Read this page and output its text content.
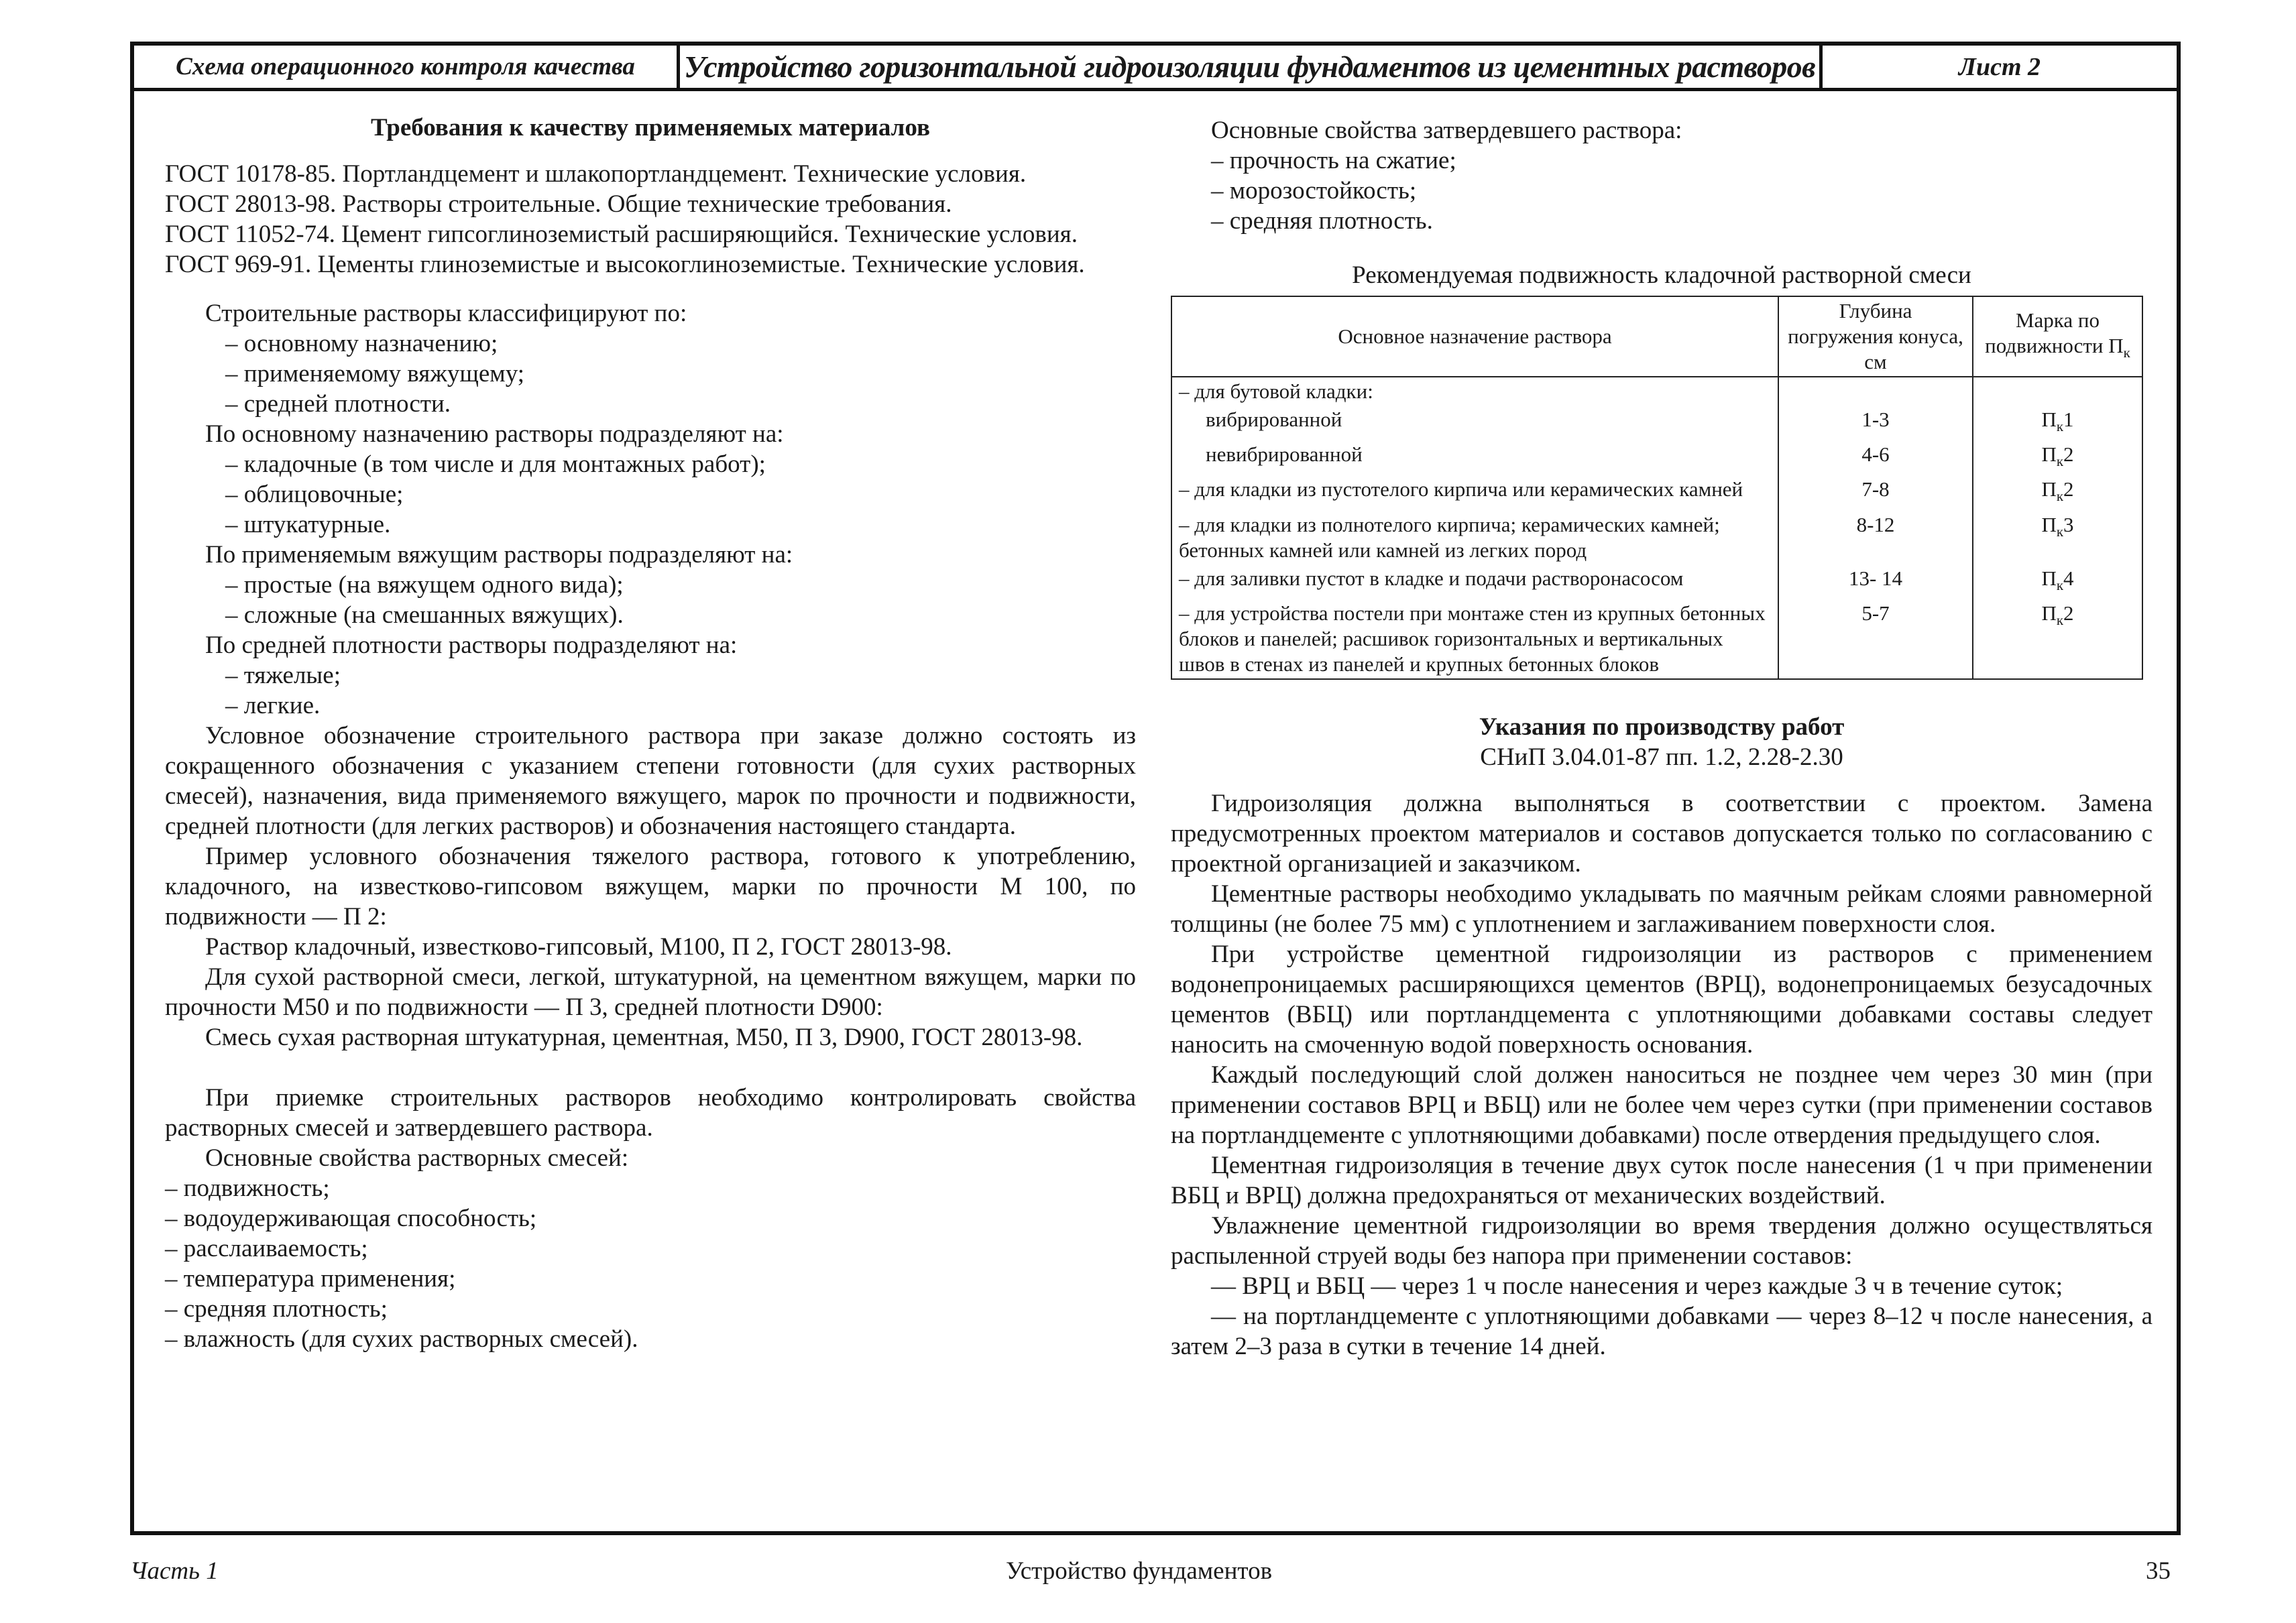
Схема операционного контроля качества	Устройство горизонтальной гидроизоляции фундаментов из цементных растворов	Лист 2

Требования к качеству применяемых материалов

ГОСТ 10178-85. Портландцемент и шлакопортландцемент. Технические условия.

ГОСТ 28013-98. Растворы строительные. Общие технические требования.

ГОСТ 11052-74. Цемент гипсоглиноземистый расширяющийся. Технические условия.

ГОСТ 969-91. Цементы глиноземистые и высокоглиноземистые. Технические условия.

Строительные растворы классифицируют по:

– основному назначению;

– применяемому вяжущему;

– средней плотности.

По основному назначению растворы подразделяют на:

– кладочные (в том числе и для монтажных работ);

– облицовочные;

– штукатурные.

По применяемым вяжущим растворы подразделяют на:

– простые (на вяжущем одного вида);

– сложные (на смешанных вяжущих).

По средней плотности растворы подразделяют на:

– тяжелые;

– легкие.

Условное обозначение строительного раствора при заказе должно состоять из сокращенного обозначения с указанием степени готовности (для сухих растворных смесей), назначения, вида применяемого вяжущего, марок по прочности и подвижности, средней плотности (для легких растворов) и обозначения настоящего стандарта.

Пример условного обозначения тяжелого раствора, готового к употреблению, кладочного, на известково-гипсовом вяжущем, марки по прочности М 100, по подвижности — П 2:

Раствор кладочный, известково-гипсовый, М100, П 2, ГОСТ 28013-98.

Для сухой растворной смеси, легкой, штукатурной, на цементном вяжущем, марки по прочности М50 и по подвижности — П 3, средней плотности D900:

Смесь сухая растворная штукатурная, цементная, М50, П 3, D900, ГОСТ 28013-98.

При приемке строительных растворов необходимо контролировать свойства растворных смесей и затвердевшего раствора.

Основные свойства растворных смесей:

– подвижность;

– водоудерживающая способность;

– расслаиваемость;

– температура применения;

– средняя плотность;

– влажность (для сухих растворных смесей).

Основные свойства затвердевшего раствора:

– прочность на сжатие;

– морозостойкость;

– средняя плотность.

Рекомендуемая подвижность кладочной растворной смеси

Основное назначение раствора	Глубина погружения конуса, см	Марка по подвижности $П_к$

– для бутовой кладки:		

вибрированной	1-3	$П_к1$

невибрированной	4-6	$П_к2$

– для кладки из пустотелого кирпича или керамических камней	7-8	$П_к2$

– для кладки из полнотелого кирпича; керамических камней; бетонных камней или камней из легких пород	8-12	$П_к3$

– для заливки пустот в кладке и подачи растворонасосом	13- 14	$П_к4$

– для устройства постели при монтаже стен из крупных бетонных блоков и панелей; расшивок горизонтальных и вертикальных швов в стенах из панелей и крупных бетонных блоков	5-7	$П_к2$

Указания по производству работ

СНиП 3.04.01-87 пп. 1.2, 2.28-2.30

Гидроизоляция должна выполняться в соответствии с проектом. Замена предусмотренных проектом материалов и составов допускается только по согласованию с проектной организацией и заказчиком.

Цементные растворы необходимо укладывать по маячным рейкам слоями равномерной толщины (не более 75 мм) с уплотнением и заглаживанием поверхности слоя.

При устройстве цементной гидроизоляции из растворов с применением водонепроницаемых расширяющихся цементов (ВРЦ), водонепроницаемых безусадочных цементов (ВБЦ) или портландцемента с уплотняющими добавками составы следует наносить на смоченную водой поверхность основания.

Каждый последующий слой должен наноситься не позднее чем через 30 мин (при применении составов ВРЦ и ВБЦ) или не более чем через сутки (при применении составов на портландцементе с уплотняющими добавками) после отвердения предыдущего слоя.

Цементная гидроизоляция в течение двух суток после нанесения (1 ч при применении ВБЦ и ВРЦ) должна предохраняться от механических воздействий.

Увлажнение цементной гидроизоляции во время твердения должно осуществляться распыленной струей воды без напора при применении составов:

— ВРЦ и ВБЦ — через 1 ч после нанесения и через каждые 3 ч в течение суток;

— на портландцементе с уплотняющими добавками — через 8–12 ч после нанесения, а затем 2–3 раза в сутки в течение 14 дней.

Часть 1	Устройство фундаментов	35
